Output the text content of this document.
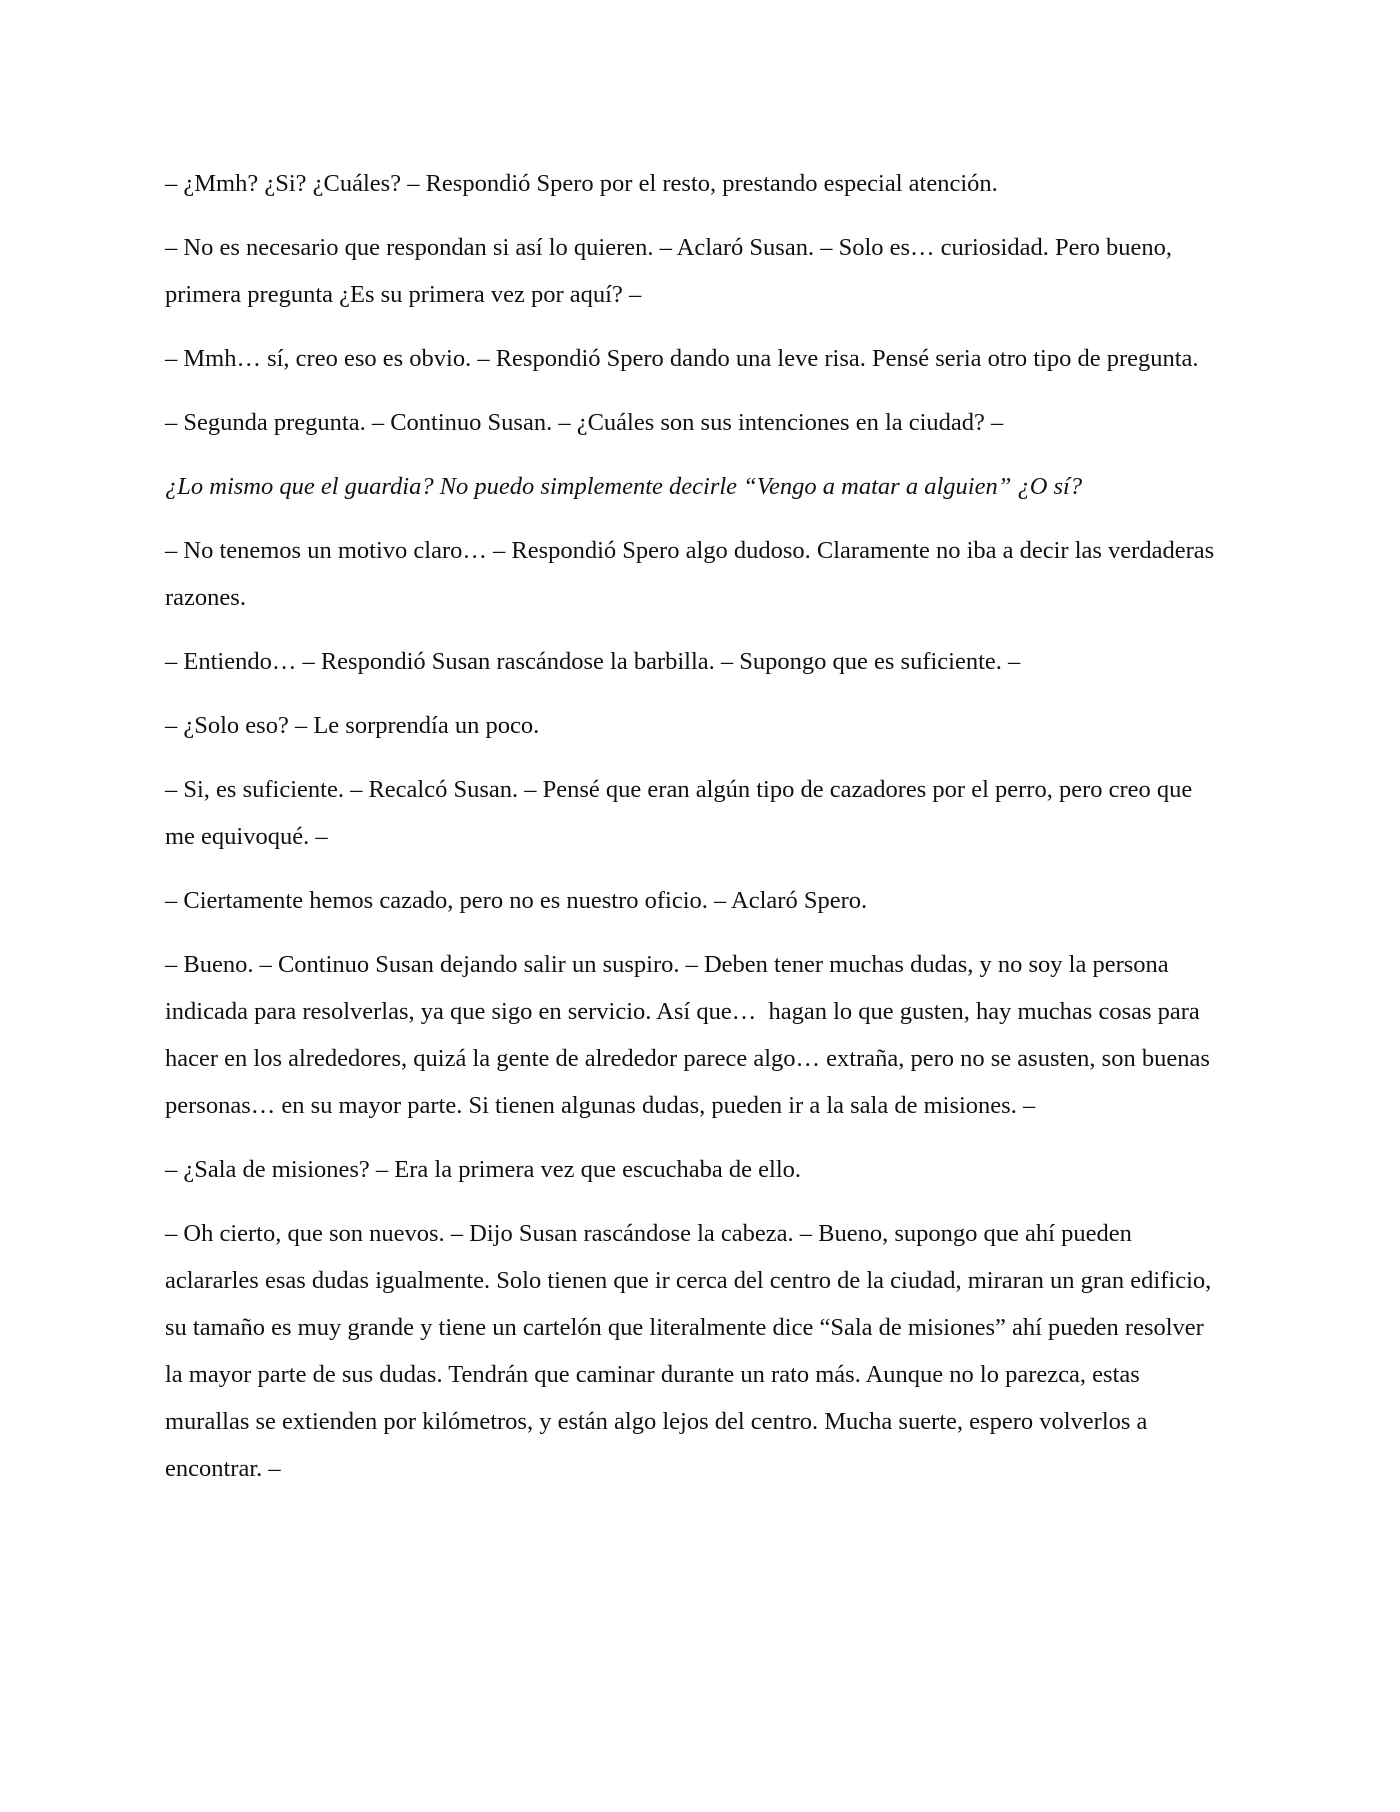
– ¿Mmh? ¿Si? ¿Cuáles? – Respondió Spero por el resto, prestando especial atención.

– No es necesario que respondan si así lo quieren. – Aclaró Susan. – Solo es… curiosidad. Pero bueno, primera pregunta ¿Es su primera vez por aquí? –

– Mmh… sí, creo eso es obvio. – Respondió Spero dando una leve risa. Pensé seria otro tipo de pregunta.

– Segunda pregunta. – Continuo Susan. – ¿Cuáles son sus intenciones en la ciudad? –

¿Lo mismo que el guardia? No puedo simplemente decirle “Vengo a matar a alguien” ¿O sí?

– No tenemos un motivo claro… – Respondió Spero algo dudoso. Claramente no iba a decir las verdaderas razones.

– Entiendo… – Respondió Susan rascándose la barbilla. – Supongo que es suficiente. –

– ¿Solo eso? – Le sorprendía un poco.

– Si, es suficiente. – Recalcó Susan. – Pensé que eran algún tipo de cazadores por el perro, pero creo que me equivoqué. –

– Ciertamente hemos cazado, pero no es nuestro oficio. – Aclaró Spero.

– Bueno. – Continuo Susan dejando salir un suspiro. – Deben tener muchas dudas, y no soy la persona indicada para resolverlas, ya que sigo en servicio. Así que…  hagan lo que gusten, hay muchas cosas para hacer en los alrededores, quizá la gente de alrededor parece algo… extraña, pero no se asusten, son buenas personas… en su mayor parte. Si tienen algunas dudas, pueden ir a la sala de misiones. –

– ¿Sala de misiones? – Era la primera vez que escuchaba de ello.

– Oh cierto, que son nuevos. – Dijo Susan rascándose la cabeza. – Bueno, supongo que ahí pueden aclararles esas dudas igualmente. Solo tienen que ir cerca del centro de la ciudad, miraran un gran edificio, su tamaño es muy grande y tiene un cartelón que literalmente dice “Sala de misiones” ahí pueden resolver la mayor parte de sus dudas. Tendrán que caminar durante un rato más. Aunque no lo parezca, estas murallas se extienden por kilómetros, y están algo lejos del centro. Mucha suerte, espero volverlos a encontrar. –
